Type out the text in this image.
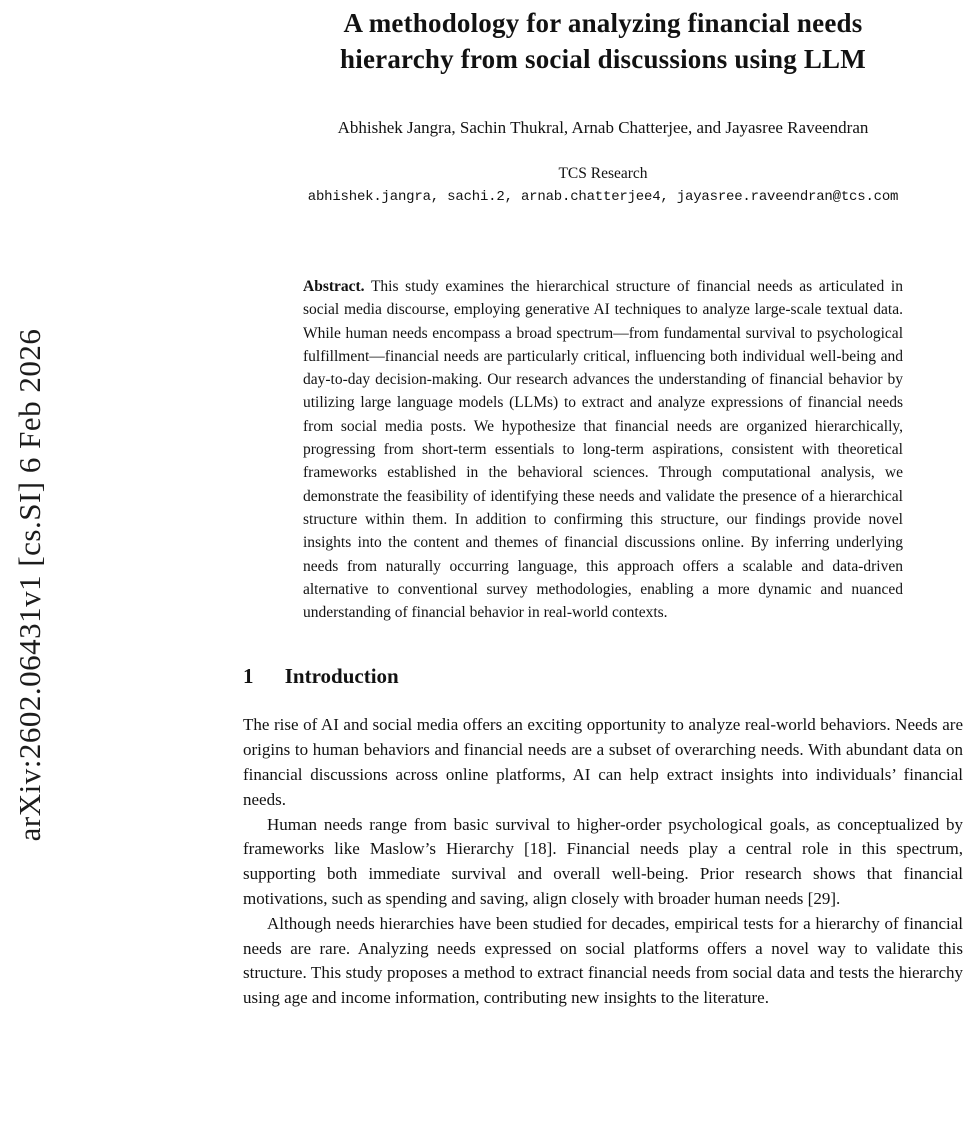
arXiv:2602.06431v1 [cs.SI] 6 Feb 2026
A methodology for analyzing financial needs
hierarchy from social discussions using LLM

Abhishek Jangra, Sachin Thukral, Arnab Chatterjee, and Jayasree Raveendran

TCS Research

abhishek.jangra, sachi.2, arnab.chatterjee4, jayasree.raveendran@tcs.com

Abstract. This study examines the hierarchical structure of financial needs as articulated in social media discourse, employing generative AI techniques to analyze large-scale textual data. While human needs encompass a broad spectrum—from fundamental survival to psychological fulfillment—financial needs are particularly critical, influencing both individual well-being and day-to-day decision-making. Our research advances the understanding of financial behavior by utilizing large language models (LLMs) to extract and analyze expressions of financial needs from social media posts. We hypothesize that financial needs are organized hierarchically, progressing from short-term essentials to long-term aspirations, consistent with theoretical frameworks established in the behavioral sciences. Through computational analysis, we demonstrate the feasibility of identifying these needs and validate the presence of a hierarchical structure within them. In addition to confirming this structure, our findings provide novel insights into the content and themes of financial discussions online. By inferring underlying needs from naturally occurring language, this approach offers a scalable and data-driven alternative to conventional survey methodologies, enabling a more dynamic and nuanced understanding of financial behavior in real-world contexts.
1 Introduction

The rise of AI and social media offers an exciting opportunity to analyze real-world behaviors. Needs are origins to human behaviors and financial needs are a subset of overarching needs. With abundant data on financial discussions across online platforms, AI can help extract insights into individuals’ financial needs.

Human needs range from basic survival to higher-order psychological goals, as conceptualized by frameworks like Maslow’s Hierarchy [18]. Financial needs play a central role in this spectrum, supporting both immediate survival and overall well-being. Prior research shows that financial motivations, such as spending and saving, align closely with broader human needs [29].

Although needs hierarchies have been studied for decades, empirical tests for a hierarchy of financial needs are rare. Analyzing needs expressed on social platforms offers a novel way to validate this structure. This study proposes a method to extract financial needs from social data and tests the hierarchy using age and income information, contributing new insights to the literature.
